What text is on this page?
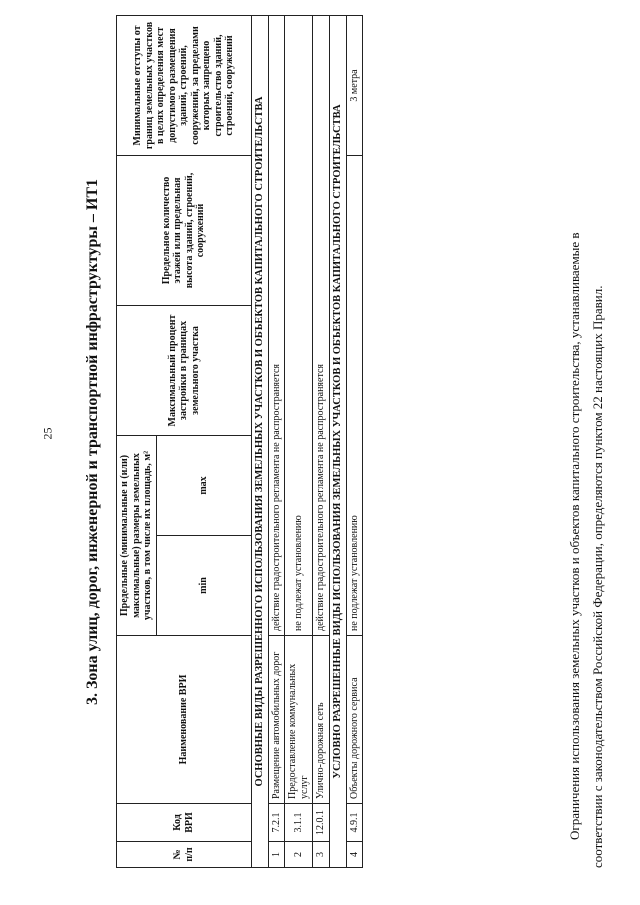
25 3. Зона улиц, дорог, инженерной и транспортной инфраструктуры – ИТ1
№ п/п	Код ВРИ	Наименование ВРИ	Предельные (минимальные и (или) максимальные) размеры земельных участков, в том числе их площадь, м²		Максимальный процент застройки в границах земельного участка	Предельное количество этажей или предельная высота зданий, строений, сооружений	Минимальные отступы от границ земельных участков в целях определения мест допустимого размещения зданий, строений, сооружений, за пределами которых запрещено строительство зданий, строений, сооружений
			min	max			
ОСНОВНЫЕ ВИДЫ РАЗРЕШЕННОГО ИСПОЛЬЗОВАНИЯ ЗЕМЕЛЬНЫХ УЧАСТКОВ И ОБЪЕКТОВ КАПИТАЛЬНОГО СТРОИТЕЛЬСТВА							
1	7.2.1	Размещение автомобильных дорог	действие градостроительного регламента не распространяется				
2	3.1.1	Предоставление коммунальных услуг	не подлежат установлению				
3	12.0.1	Улично-дорожная сеть	действие градостроительного регламента не распространяется				
УСЛОВНО РАЗРЕШЕННЫЕ ВИДЫ ИСПОЛЬЗОВАНИЯ ЗЕМЕЛЬНЫХ УЧАСТКОВ И ОБЪЕКТОВ КАПИТАЛЬНОГО СТРОИТЕЛЬСТВА							
4	4.9.1	Объекты дорожного сервиса	не подлежат установлению				3 метра
Ограничения использования земельных участков и объектов капитального строительства, устанавливаемые в соответствии с законодательством Российской Федерации, определяются пунктом 22 настоящих Правил.
